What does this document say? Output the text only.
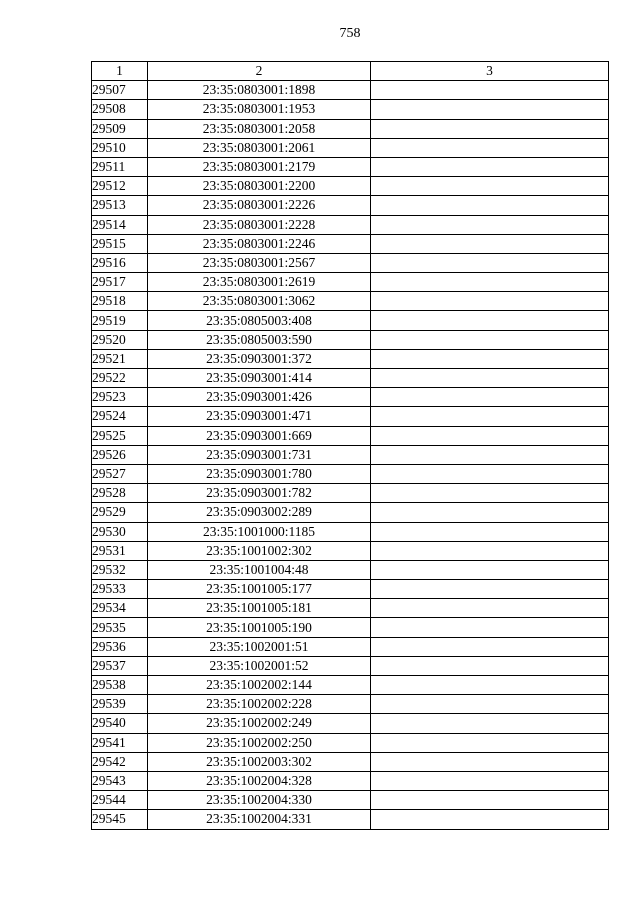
758
1	2	3
29507	23:35:0803001:1898	
29508	23:35:0803001:1953	
29509	23:35:0803001:2058	
29510	23:35:0803001:2061	
29511	23:35:0803001:2179	
29512	23:35:0803001:2200	
29513	23:35:0803001:2226	
29514	23:35:0803001:2228	
29515	23:35:0803001:2246	
29516	23:35:0803001:2567	
29517	23:35:0803001:2619	
29518	23:35:0803001:3062	
29519	23:35:0805003:408	
29520	23:35:0805003:590	
29521	23:35:0903001:372	
29522	23:35:0903001:414	
29523	23:35:0903001:426	
29524	23:35:0903001:471	
29525	23:35:0903001:669	
29526	23:35:0903001:731	
29527	23:35:0903001:780	
29528	23:35:0903001:782	
29529	23:35:0903002:289	
29530	23:35:1001000:1185	
29531	23:35:1001002:302	
29532	23:35:1001004:48	
29533	23:35:1001005:177	
29534	23:35:1001005:181	
29535	23:35:1001005:190	
29536	23:35:1002001:51	
29537	23:35:1002001:52	
29538	23:35:1002002:144	
29539	23:35:1002002:228	
29540	23:35:1002002:249	
29541	23:35:1002002:250	
29542	23:35:1002003:302	
29543	23:35:1002004:328	
29544	23:35:1002004:330	
29545	23:35:1002004:331	
